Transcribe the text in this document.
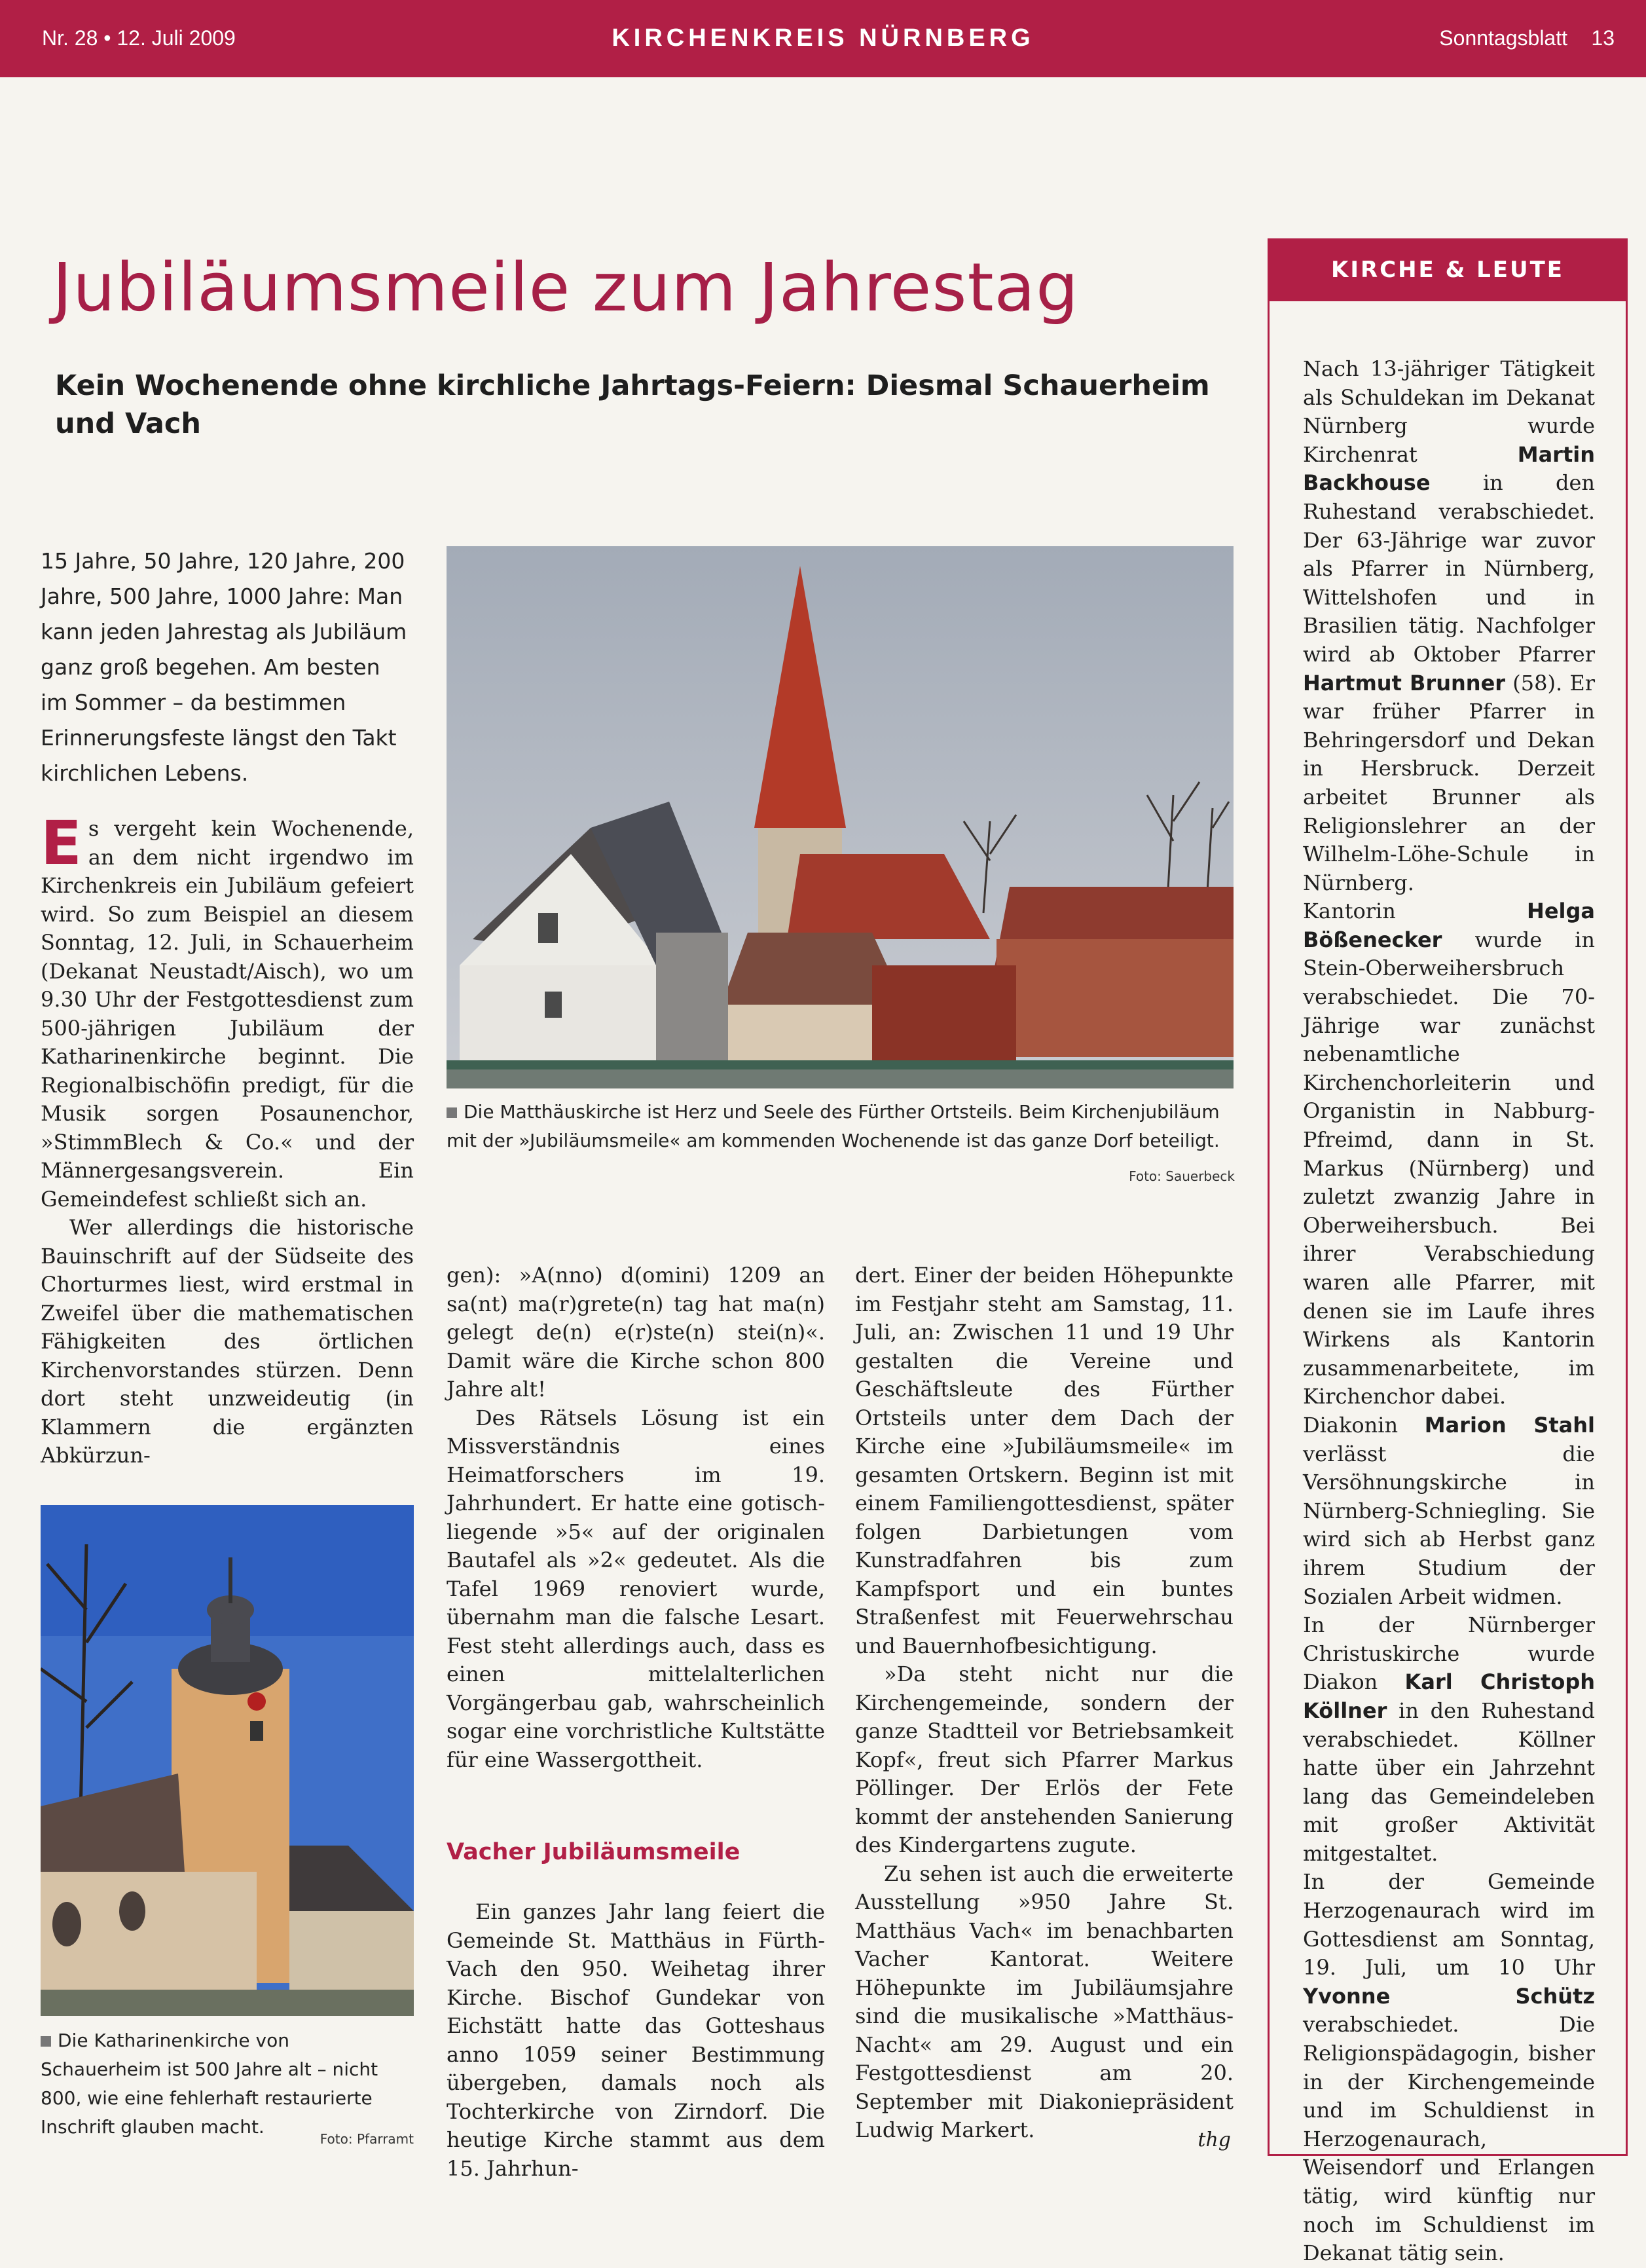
Nr. 28 • 12. Juli 2009	KIRCHENKREIS NÜRNBERG	Sonntagsblatt 13
Jubiläumsmeile zum Jahrestag
Kein Wochenende ohne kirchliche Jahrtags-Feiern: Diesmal Schauerheim und Vach
15 Jahre, 50 Jahre, 120 Jahre, 200 Jahre, 500 Jahre, 1000 Jahre: Man kann jeden Jahrestag als Jubiläum ganz groß begehen. Am besten im Sommer – da bestimmen Erinnerungsfeste längst den Takt kirchlichen Lebens.

Es vergeht kein Wochenende, an dem nicht irgendwo im Kirchenkreis ein Jubiläum gefeiert wird. So zum Beispiel an diesem Sonntag, 12. Juli, in Schauerheim (Dekanat Neustadt/Aisch), wo um 9.30 Uhr der Festgottesdienst zum 500-jährigen Jubiläum der Katharinenkirche beginnt. Die Regionalbischöfin predigt, für die Musik sorgen Posaunenchor, »StimmBlech & Co.« und der Männergesangsverein. Ein Gemeindefest schließt sich an.

Wer allerdings die historische Bauinschrift auf der Südseite des Chorturmes liest, wird erstmal in Zweifel über die mathematischen Fähigkeiten des örtlichen Kirchenvorstandes stürzen. Denn dort steht unzweideutig (in Klammern die ergänzten Abkürzun-

Die Matthäuskirche ist Herz und Seele des Fürther Ortsteils. Beim Kirchenjubiläum mit der »Jubiläumsmeile« am kommenden Wochenende ist das ganze Dorf beteiligt.
Foto: Sauerbeck

gen): »A(nno) d(omini) 1209 an sa(nt) ma(r)grete(n) tag hat ma(n) gelegt de(n) e(r)ste(n) stei(n)«. Damit wäre die Kirche schon 800 Jahre alt!

Des Rätsels Lösung ist ein Missverständnis eines Heimatforschers im 19. Jahrhundert. Er hatte eine gotisch-liegende »5« auf der originalen Bautafel als »2« gedeutet. Als die Tafel 1969 renoviert wurde, übernahm man die falsche Lesart. Fest steht allerdings auch, dass es einen mittelalterlichen Vorgängerbau gab, wahrscheinlich sogar eine vorchristliche Kultstätte für eine Wassergottheit.

Vacher Jubiläumsmeile

Ein ganzes Jahr lang feiert die Gemeinde St. Matthäus in Fürth-Vach den 950. Weihetag ihrer Kirche. Bischof Gundekar von Eichstätt hatte das Gotteshaus anno 1059 seiner Bestimmung übergeben, damals noch als Tochterkirche von Zirndorf. Die heutige Kirche stammt aus dem 15. Jahrhun-

dert. Einer der beiden Höhepunkte im Festjahr steht am Samstag, 11. Juli, an: Zwischen 11 und 19 Uhr gestalten die Vereine und Geschäftsleute des Fürther Ortsteils unter dem Dach der Kirche eine »Jubiläumsmeile« im gesamten Ortskern. Beginn ist mit einem Familiengottesdienst, später folgen Darbietungen vom Kunstradfahren bis zum Kampfsport und ein buntes Straßenfest mit Feuerwehrschau und Bauernhofbesichtigung.

»Da steht nicht nur die Kirchengemeinde, sondern der ganze Stadtteil vor Betriebsamkeit Kopf«, freut sich Pfarrer Markus Pöllinger. Der Erlös der Fete kommt der anstehenden Sanierung des Kindergartens zugute.

Zu sehen ist auch die erweiterte Ausstellung »950 Jahre St. Matthäus Vach« im benachbarten Vacher Kantorat. Weitere Höhepunkte im Jubiläumsjahre sind die musikalische »Matthäus-Nacht« am 29. August und ein Festgottesdienst am 20. September mit Diakoniepräsident Ludwig Markert.	thg
Die Katharinenkirche von Schauerheim ist 500 Jahre alt – nicht 800, wie eine fehlerhaft restaurierte Inschrift glauben macht.
Foto: Pfarramt
KIRCHE & LEUTE

Nach 13-jähriger Tätigkeit als Schuldekan im Dekanat Nürnberg wurde Kirchenrat Martin Backhouse in den Ruhestand verabschiedet. Der 63-Jährige war zuvor als Pfarrer in Nürnberg, Wittelshofen und in Brasilien tätig. Nachfolger wird ab Oktober Pfarrer Hartmut Brunner (58). Er war früher Pfarrer in Behringersdorf und Dekan in Hersbruck. Derzeit arbeitet Brunner als Religionslehrer an der Wilhelm-Löhe-Schule in Nürnberg.

Kantorin Helga Bößenecker wurde in Stein-Oberweihersbruch verabschiedet. Die 70-Jährige war zunächst nebenamtliche Kirchenchorleiterin und Organistin in Nabburg-Pfreimd, dann in St. Markus (Nürnberg) und zuletzt zwanzig Jahre in Oberweihersbuch. Bei ihrer Verabschiedung waren alle Pfarrer, mit denen sie im Laufe ihres Wirkens als Kantorin zusammenarbeitete, im Kirchenchor dabei.

Diakonin Marion Stahl verlässt die Versöhnungskirche in Nürnberg-Schniegling. Sie wird sich ab Herbst ganz ihrem Studium der Sozialen Arbeit widmen.

In der Nürnberger Christuskirche wurde Diakon Karl Christoph Köllner in den Ruhestand verabschiedet. Köllner hatte über ein Jahrzehnt lang das Gemeindeleben mit großer Aktivität mitgestaltet.

In der Gemeinde Herzogenaurach wird im Gottesdienst am Sonntag, 19. Juli, um 10 Uhr Yvonne Schütz verabschiedet. Die Religionspädagogin, bisher in der Kirchengemeinde und im Schuldienst in Herzogenaurach, Weisendorf und Erlangen tätig, wird künftig nur noch im Schuldienst im Dekanat tätig sein.
